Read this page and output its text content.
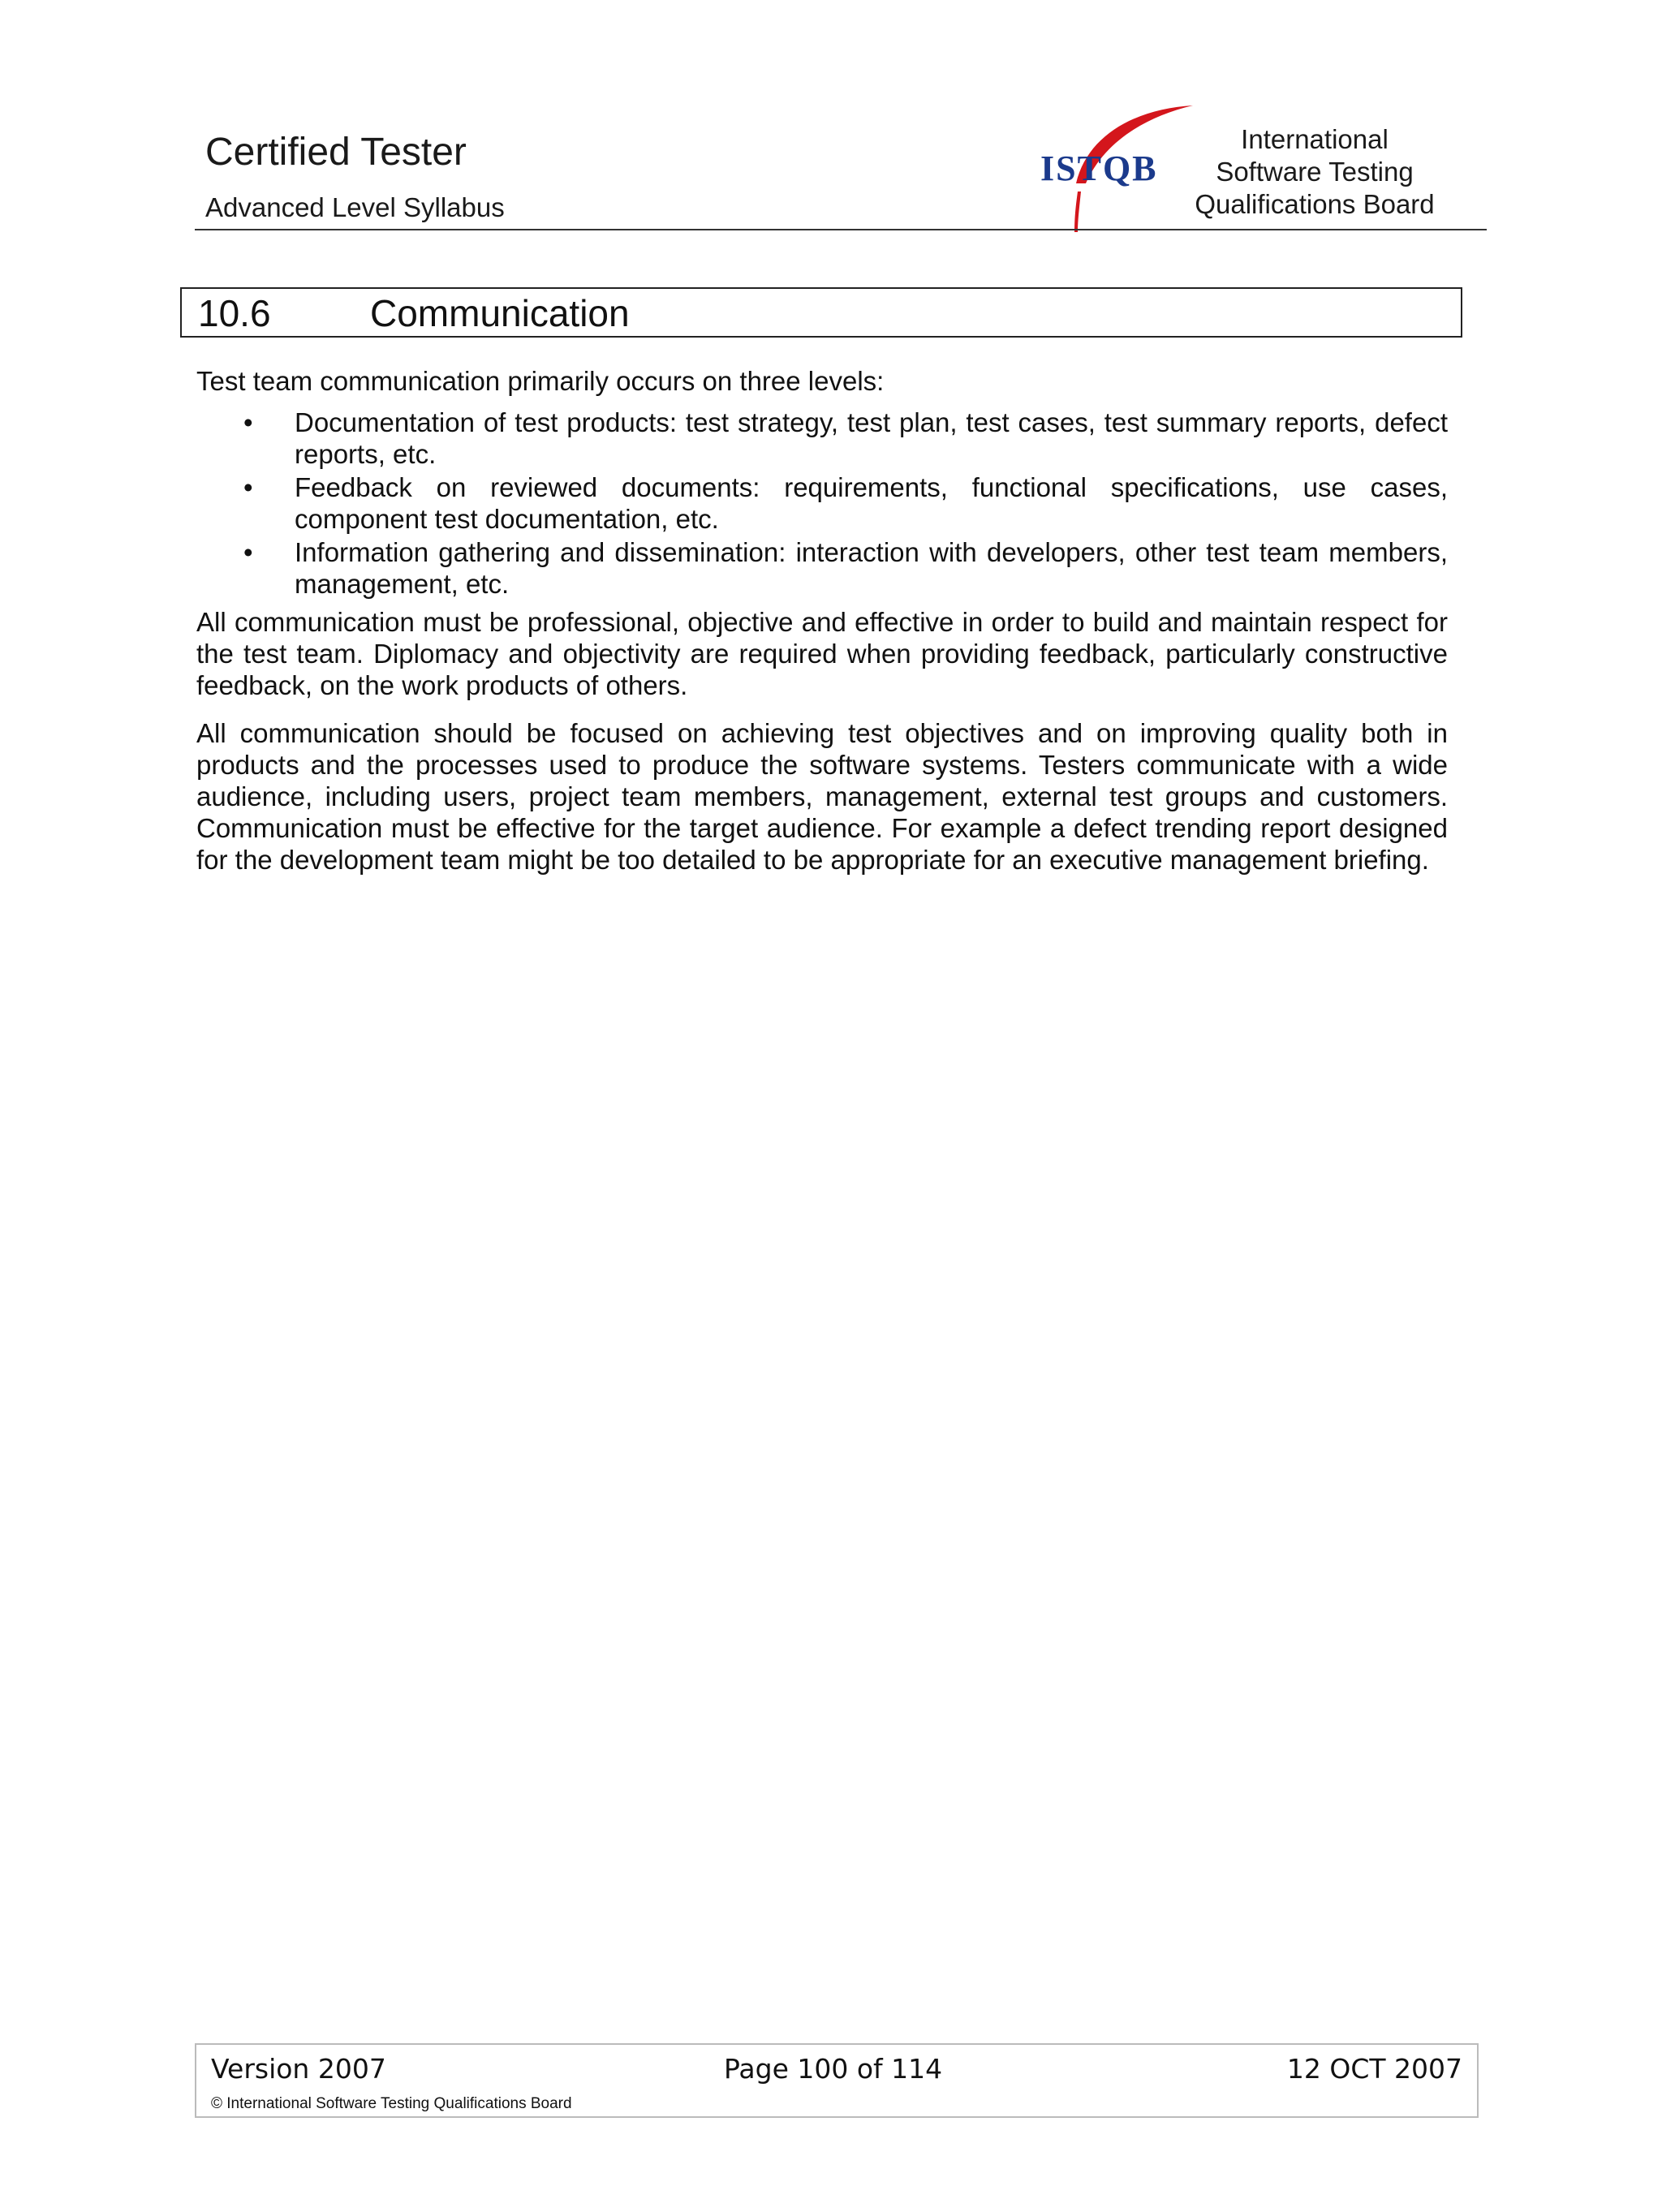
Certified Tester
Advanced Level Syllabus
ISTQB
International
Software Testing
Qualifications Board
10.6	Communication

Test team communication primarily occurs on three levels:

• Documentation of test products: test strategy, test plan, test cases, test summary reports, defect reports, etc.
• Feedback on reviewed documents: requirements, functional specifications, use cases, component test documentation, etc.
• Information gathering and dissemination: interaction with developers, other test team members, management, etc.

All communication must be professional, objective and effective in order to build and maintain respect for the test team. Diplomacy and objectivity are required when providing feedback, particularly constructive feedback, on the work products of others.

All communication should be focused on achieving test objectives and on improving quality both in products and the processes used to produce the software systems. Testers communicate with a wide audience, including users, project team members, management, external test groups and customers. Communication must be effective for the target audience. For example a defect trending report designed for the development team might be too detailed to be appropriate for an executive management briefing.

Version 2007	Page 100 of 114	12 OCT 2007
© International Software Testing Qualifications Board
